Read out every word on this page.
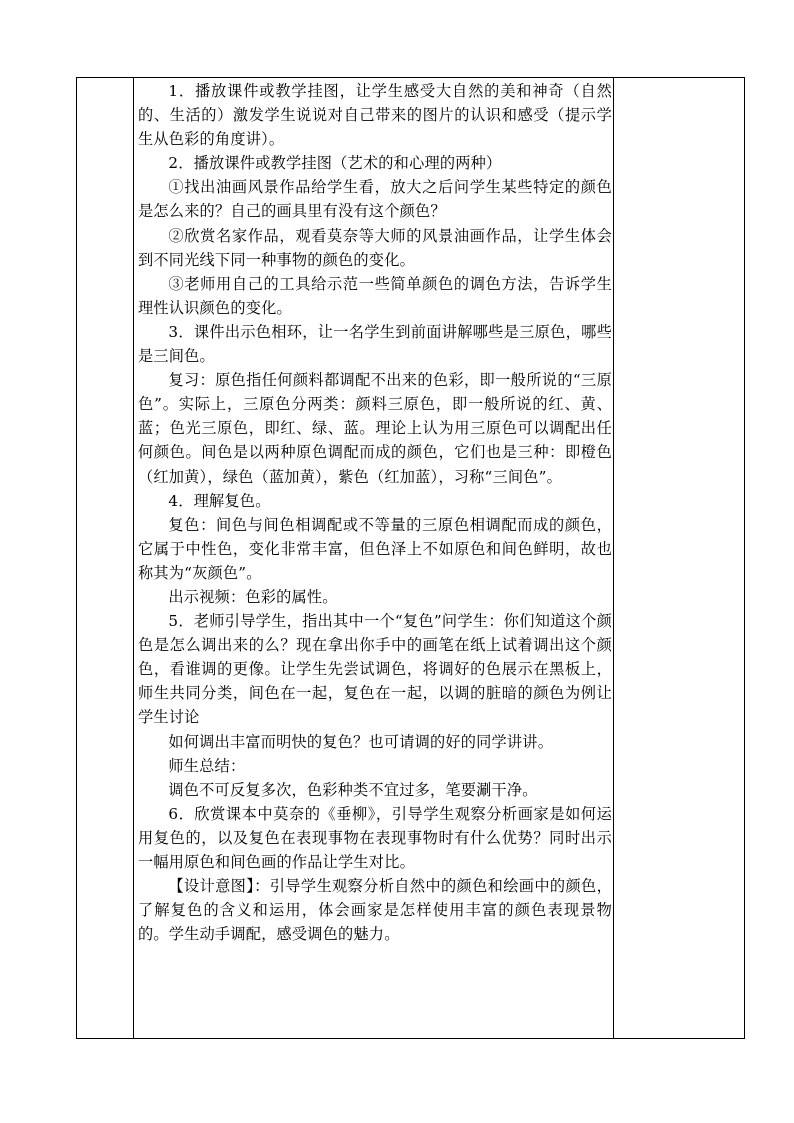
1．播放课件或教学挂图，让学生感受大自然的美和神奇（自然的、生活的）激发学生说说对自己带来的图片的认识和感受（提示学生从色彩的角度讲）。

2．播放课件或教学挂图（艺术的和心理的两种）

①找出油画风景作品给学生看，放大之后问学生某些特定的颜色是怎么来的？自己的画具里有没有这个颜色？

②欣赏名家作品，观看莫奈等大师的风景油画作品，让学生体会到不同光线下同一种事物的颜色的变化。

③老师用自己的工具给示范一些简单颜色的调色方法，告诉学生理性认识颜色的变化。

3．课件出示色相环，让一名学生到前面讲解哪些是三原色，哪些是三间色。

复习：原色指任何颜料都调配不出来的色彩，即一般所说的“三原色”。实际上，三原色分两类：颜料三原色，即一般所说的红、黄、蓝；色光三原色，即红、绿、蓝。理论上认为用三原色可以调配出任何颜色。间色是以两种原色调配而成的颜色，它们也是三种：即橙色（红加黄），绿色（蓝加黄），紫色（红加蓝），习称“三间色”。

4．理解复色。

复色：间色与间色相调配或不等量的三原色相调配而成的颜色，它属于中性色，变化非常丰富，但色泽上不如原色和间色鲜明，故也称其为“灰颜色”。

出示视频：色彩的属性。

5．老师引导学生，指出其中一个“复色”问学生：你们知道这个颜色是怎么调出来的么？现在拿出你手中的画笔在纸上试着调出这个颜色，看谁调的更像。让学生先尝试调色，将调好的色展示在黑板上，师生共同分类，间色在一起，复色在一起，以调的脏暗的颜色为例让学生讨论

如何调出丰富而明快的复色？也可请调的好的同学讲讲。

师生总结：

调色不可反复多次，色彩种类不宜过多，笔要涮干净。

6．欣赏课本中莫奈的《垂柳》，引导学生观察分析画家是如何运用复色的，以及复色在表现事物在表现事物时有什么优势？同时出示一幅用原色和间色画的作品让学生对比。

【设计意图】：引导学生观察分析自然中的颜色和绘画中的颜色，了解复色的含义和运用，体会画家是怎样使用丰富的颜色表现景物的。学生动手调配，感受调色的魅力。
